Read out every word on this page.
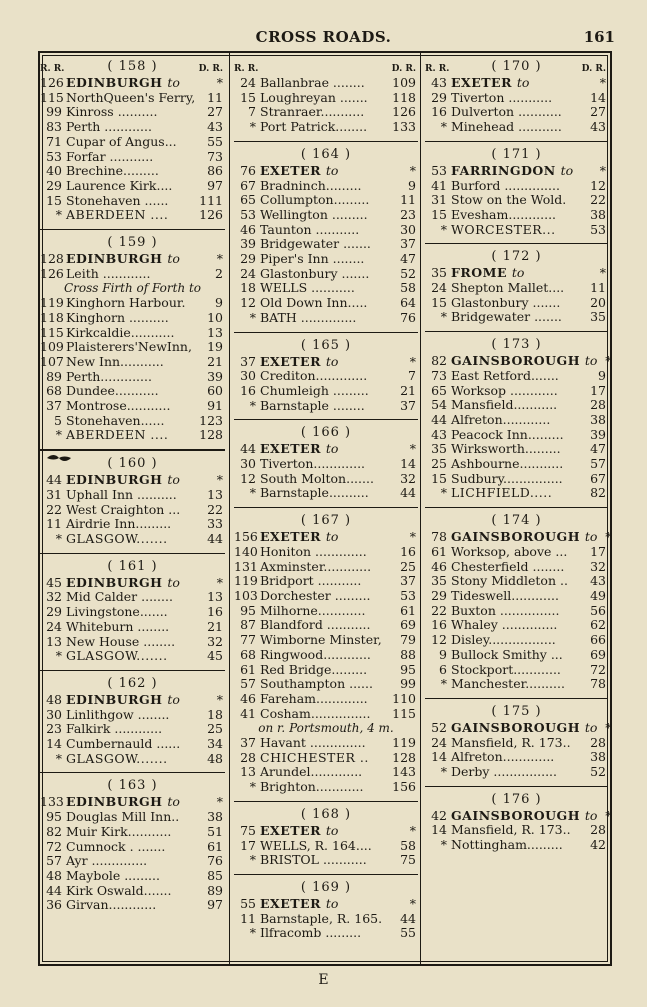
CROSS ROADS.	161
R. R.	D. R.
( 158 )
126 EDINBURGH to	*
115 NorthQueen's Ferry, 11
99 Kinross ..........	27
83 Perth ............	43
71 Cupar of Angus...	55
53 Forfar ...........	73
40 Brechine.........	86
29 Laurence Kirk....	97
15 Stonehaven ......	111
* ABERDEEN ....	126
( 159 )
128 EDINBURGH to	*
126 Leith ............	2
Cross Firth of Forth to
119 Kinghorn Harbour.	9
118 Kinghorn ..........	10
115 Kirkcaldie...........	13
109 Plaisterers'NewInn,	19
107 New Inn...........	21
89 Perth.............	39
68 Dundee...........	60
37 Montrose...........	91
5 Stonehaven......	123
* ABERDEEN ....	128
( 160 )
44 EDINBURGH to	*
31 Uphall Inn ..........	13
22 West Craighton ...	22
11 Airdrie Inn.........	33
* GLASGOW.......	44
( 161 )
45 EDINBURGH to	*
32 Mid Calder ........	13
29 Livingstone.......	16
24 Whiteburn ........	21
13 New House ........	32
* GLASGOW.......	45
( 162 )
48 EDINBURGH to	*
30 Linlithgow ........	18
23 Falkirk ............	25
14 Cumbernauld ......	34
* GLASGOW.......	48
( 163 )
133 EDINBURGH to	*
95 Douglas Mill Inn..	38
82 Muir Kirk...........	51
72 Cumnock . .......	61
57 Ayr ..............	76
48 Maybole .........	85
44 Kirk Oswald.......	89
36 Girvan............	97
R. R.	D. R.
24 Ballanbrae ........	109
15 Loughreyan .......	118
7 Stranraer...........	126
* Port Patrick........	133
( 164 )
76 EXETER to	*
67 Bradninch.........	9
65 Collumpton.........	11
53 Wellington .........	23
46 Taunton ...........	30
39 Bridgewater .......	37
29 Piper's Inn ........	47
24 Glastonbury .......	52
18 WELLS ...........	58
12 Old Down Inn.....	64
* BATH ..............	76
( 165 )
37 EXETER to	*
30 Crediton.............	7
16 Chumleigh .........	21
* Barnstaple ........	37
( 166 )
44 EXETER to	*
30 Tiverton.............	14
12 South Molton.......	32
* Barnstaple..........	44
( 167 )
156 EXETER to	*
140 Honiton .............	16
131 Axminster............	25
119 Bridport ...........	37
103 Dorchester .........	53
95 Milhorne............	61
87 Blandford ...........	69
77 Wimborne Minster,	79
68 Ringwood............	88
61 Red Bridge.........	95
57 Southampton ......	99
46 Fareham.............	110
41 Cosham...............	115
on r. Portsmouth, 4 m.
37 Havant ..............	119
28 CHICHESTER ..	128
13 Arundel.............	143
* Brighton............	156
( 168 )
75 EXETER to	*
17 WELLS, R. 164....	58
* BRISTOL ...........	75
( 169 )
55 EXETER to	*
11 Barnstaple, R. 165.	44
* Ilfracomb .........	55
R. R.	D. R.
( 170 )
43 EXETER to	*
29 Tiverton ...........	14
16 Dulverton ...........	27
* Minehead ...........	43
( 171 )
53 FARRINGDON to	*
41 Burford ..............	12
31 Stow on the Wold.	22
15 Evesham............	38
* WORCESTER...	53
( 172 )
35 FROME to	*
24 Shepton Mallet....	11
15 Glastonbury .......	20
* Bridgewater .......	35
( 173 )
82 GAINSBOROUGH to *
73 East Retford.......	9
65 Worksop ............	17
54 Mansfield...........	28
44 Alfreton............	38
43 Peacock Inn.........	39
35 Wirksworth.........	47
25 Ashbourne...........	57
15 Sudbury...............	67
* LICHFIELD.....	82
( 174 )
78 GAINSBOROUGH to *
61 Worksop, above ...	17
46 Chesterfield ........	32
35 Stony Middleton ..	43
29 Tideswell............	49
22 Buxton ...............	56
16 Whaley ..............	62
12 Disley.................	66
9 Bullock Smithy ...	69
6 Stockport............	72
* Manchester..........	78
( 175 )
52 GAINSBOROUGH to *
24 Mansfield, R. 173..	28
14 Alfreton.............	38
* Derby ................	52
( 176 )
42 GAINSBOROUGH to *
14 Mansfield, R. 173..	28
* Nottingham.........	42
E
